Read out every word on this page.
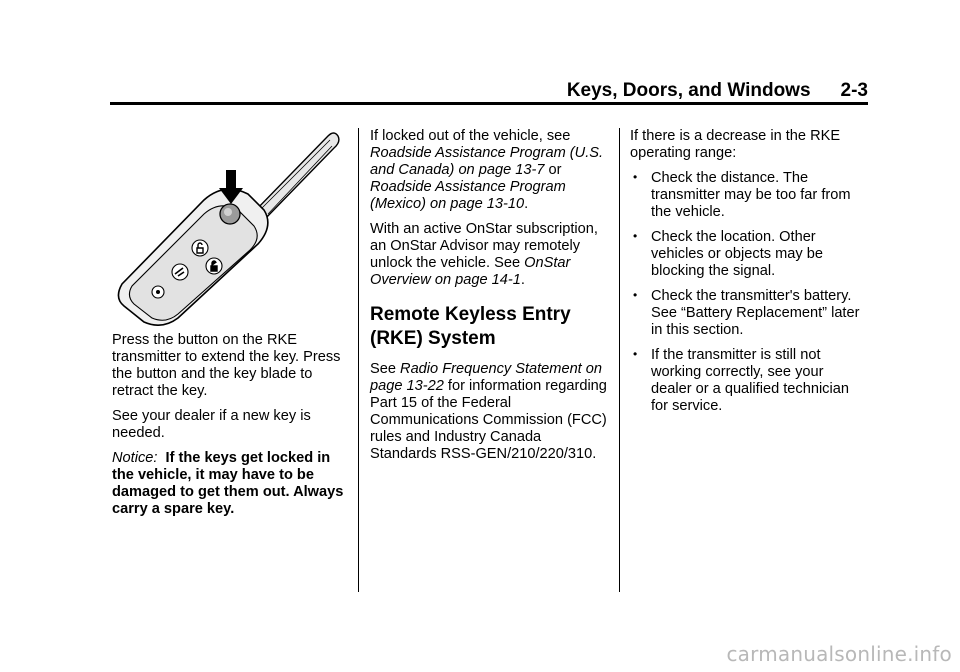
Keys, Doors, and Windows 2-3

Press the button on the RKE transmitter to extend the key. Press the button and the key blade to retract the key.

See your dealer if a new key is needed.

Notice: If the keys get locked in the vehicle, it may have to be damaged to get them out. Always carry a spare key.

If locked out of the vehicle, see Roadside Assistance Program (U.S. and Canada) on page 13-7 or Roadside Assistance Program (Mexico) on page 13-10.

With an active OnStar subscription, an OnStar Advisor may remotely unlock the vehicle. See OnStar Overview on page 14-1.

Remote Keyless Entry (RKE) System

See Radio Frequency Statement on page 13-22 for information regarding Part 15 of the Federal Communications Commission (FCC) rules and Industry Canada Standards RSS-GEN/210/220/310.

If there is a decrease in the RKE operating range:

• Check the distance. The transmitter may be too far from the vehicle.
• Check the location. Other vehicles or objects may be blocking the signal.
• Check the transmitter's battery. See “Battery Replacement” later in this section.
• If the transmitter is still not working correctly, see your dealer or a qualified technician for service.
carmanualsonline.info
